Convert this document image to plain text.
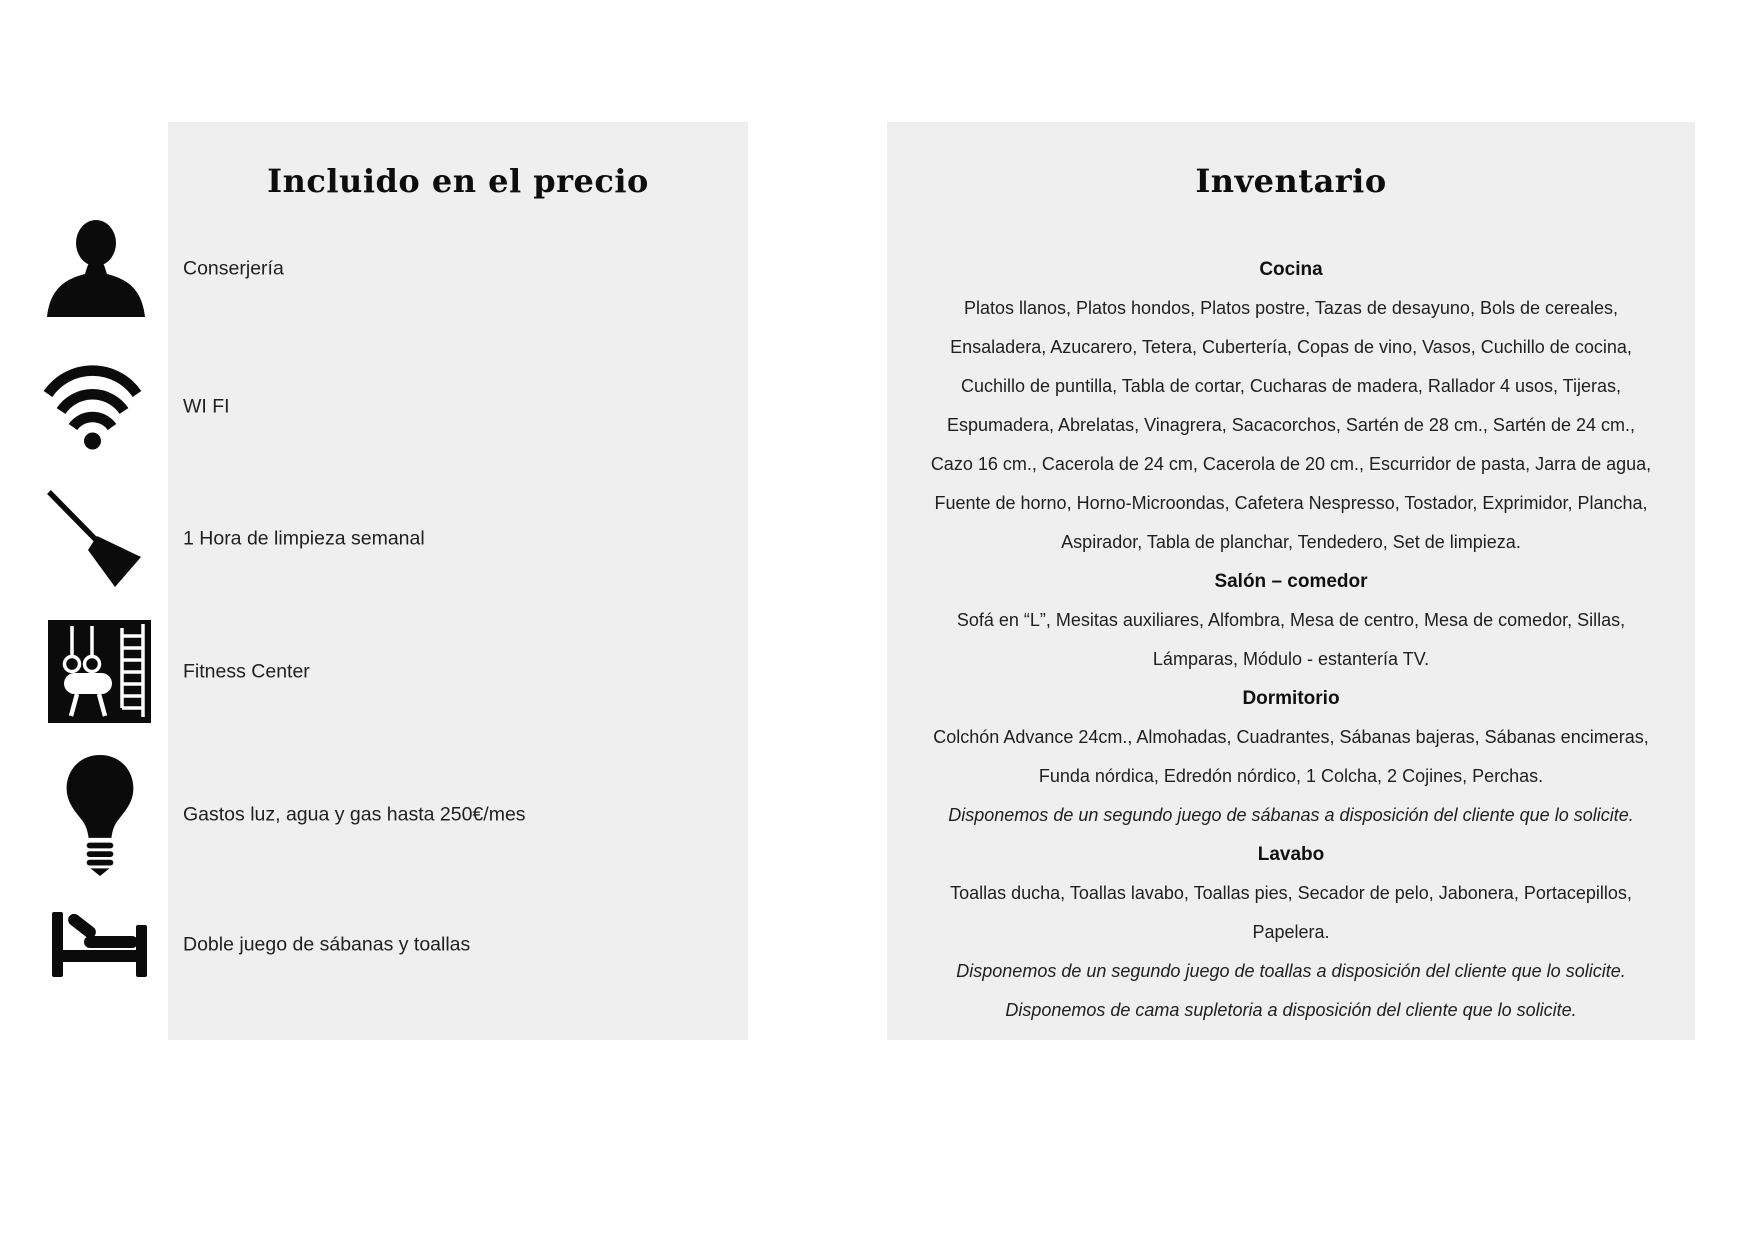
Incluido en el precio	Inventario
Cocina
Platos llanos, Platos hondos, Platos postre, Tazas de desayuno, Bols de cereales,
Ensaladera, Azucarero, Tetera, Cubertería, Copas de vino, Vasos, Cuchillo de cocina,
Cuchillo de puntilla, Tabla de cortar, Cucharas de madera, Rallador 4 usos, Tijeras,
Espumadera, Abrelatas, Vinagrera, Sacacorchos, Sartén de 28 cm., Sartén de 24 cm.,
Cazo 16 cm., Cacerola de 24 cm, Cacerola de 20 cm., Escurridor de pasta, Jarra de agua,
Fuente de horno, Horno-Microondas, Cafetera Nespresso, Tostador, Exprimidor, Plancha,
Aspirador, Tabla de planchar, Tendedero, Set de limpieza.
Salón – comedor
Sofá en “L”, Mesitas auxiliares, Alfombra, Mesa de centro, Mesa de comedor, Sillas,
Lámparas, Módulo - estantería TV.
Dormitorio
Colchón Advance 24cm., Almohadas, Cuadrantes, Sábanas bajeras, Sábanas encimeras,
Funda nórdica, Edredón nórdico, 1 Colcha, 2 Cojines, Perchas.
Disponemos de un segundo juego de sábanas a disposición del cliente que lo solicite.
Lavabo
Toallas ducha, Toallas lavabo, Toallas pies, Secador de pelo, Jabonera, Portacepillos,
Papelera.
Disponemos de un segundo juego de toallas a disposición del cliente que lo solicite.
Disponemos de cama supletoria a disposición del cliente que lo solicite.
Conserjería
WI FI
1 Hora de limpieza semanal
Fitness Center
Gastos luz, agua y gas hasta 250€/mes
Doble juego de sábanas y toallas
